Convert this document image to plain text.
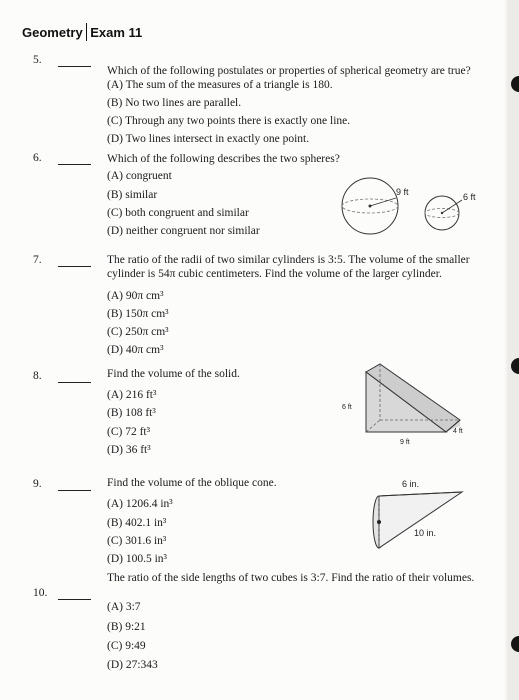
Geometry Exam 11
5.
Which of the following postulates or properties of spherical geometry are true?
(A) The sum of the measures of a triangle is 180.
(B) No two lines are parallel.
(C) Through any two points there is exactly one line.
(D) Two lines intersect in exactly one point.
6.	Which of the following describes the two spheres?
(A) congruent
(B) similar
(C) both congruent and similar
(D) neither congruent nor similar
9 ft	6 ft
7.	The ratio of the radii of two similar cylinders is 3:5. The volume of the smaller
cylinder is 54π cubic centimeters. Find the volume of the larger cylinder.
(A) 90π cm³
(B) 150π cm³
(C) 250π cm³
(D) 40π cm³
8.	Find the volume of the solid.
(A) 216 ft³
(B) 108 ft³
(C) 72 ft³
(D) 36 ft³
6 ft
9 ft
4 ft
9.	Find the volume of the oblique cone.
(A) 1206.4 in³
(B) 402.1 in³
(C) 301.6 in³
(D) 100.5 in³
6 in.
10 in.
10.
The ratio of the side lengths of two cubes is 3:7. Find the ratio of their volumes.
(A) 3:7
(B) 9:21
(C) 9:49
(D) 27:343
